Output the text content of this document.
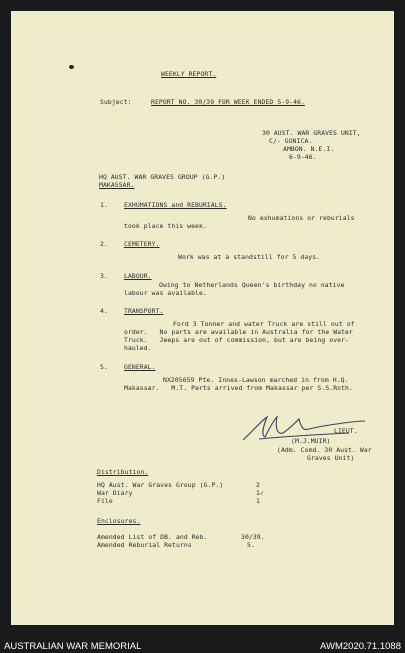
WEEKLY REPORT.
Subject:	REPORT NO. 30/39 FOR WEEK ENDED 5-9-46.
30 AUST. WAR GRAVES UNIT,
C/- GONICA.
AMBON. N.E.I.
6-9-46.
HQ AUST. WAR GRAVES GROUP (G.P.)
MAKASSAR.
1.	EXHUMATIONS and REBURIALS.
No exhumations or reburials
took place this week.
2.	CEMETERY.
Work was at a standstill for 5 days.
3.	LABOUR.
Owing to Netherlands Queen's birthday no native
labour was available.
4.	TRANSPORT.
Ford 3 Tonner and water Truck are still out of
order.   No parts are available in Australia for the Water
Truck.   Jeeps are out of commission, but are being over-
hauled.
5.	GENERAL.
NX205659 Pte. Innes-Lawson marched in from H.Q.
Makassar.   M.T. Parts arrived from Makassar per S.S.Roth.
LIEUT.
(M.J.MUIR)
(Adm. Comd. 30 Aust. War
Graves Unit)
Distribution.
HQ Aust. War Graves Group (G.P.)	2
War Diary	1✓
File	1
Enclosures.
Amended List of DB. and Reb.	30/39.
Amended Reburial Returns	5.
AUSTRALIAN WAR MEMORIAL	AWM2020.71.1088
